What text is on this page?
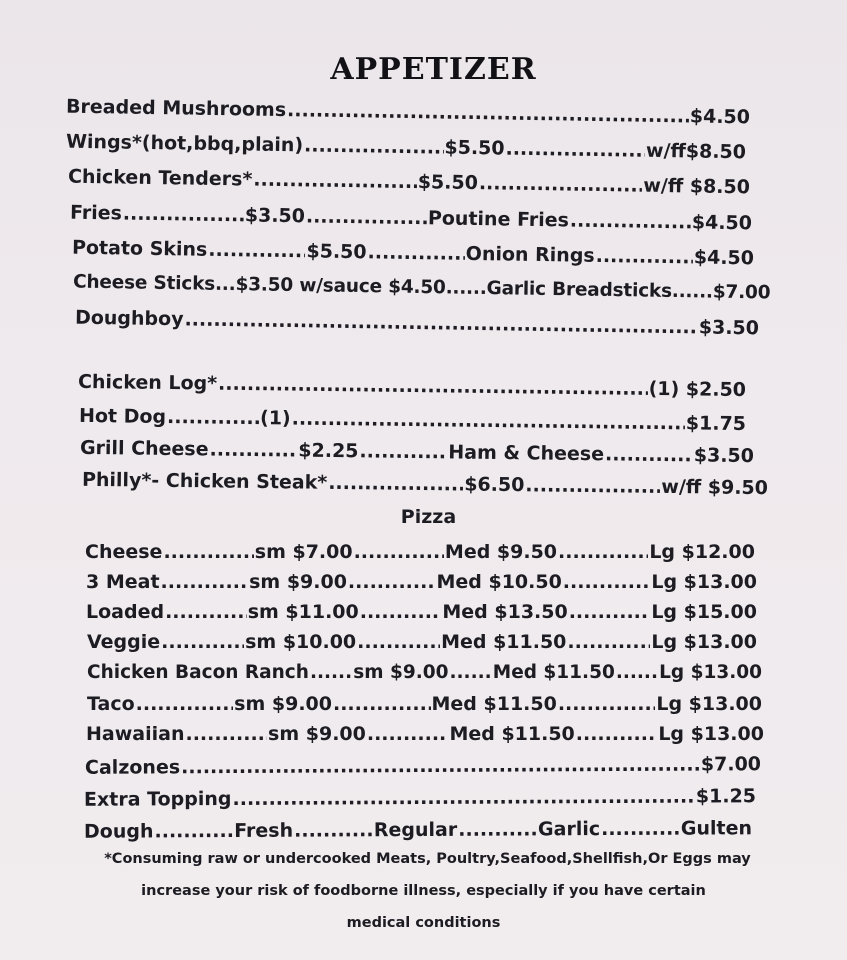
APPETIZER
Breaded Mushrooms .....	$4.50
Wings*(hot,bbq,plain) .....	$5.50 .....	w/ff$8.50
Chicken Tenders* .....	$5.50 .....	w/ff $8.50
Fries .....	$3.50 .....	Poutine Fries .....	$4.50
Potato Skins .....	$5.50 .....	Onion Rings .....	$4.50
Cheese Sticks...$3.50 w/sauce $4.50......Garlic Breadsticks......$7.00
Doughboy .....	$3.50
Chicken Log* .....	(1) $2.50
Hot Dog .....	(1) .....	$1.75
Grill Cheese .....	$2.25 .....	Ham & Cheese .....	$3.50
Philly*- Chicken Steak* .....	$6.50 .....	w/ff $9.50
Pizza
Cheese .....	sm $7.00 .....	Med $9.50 .....	Lg $12.00
3 Meat .....	sm $9.00 .....	Med $10.50 .....	Lg $13.00
Loaded .....	sm $11.00 .....	Med $13.50 .....	Lg $15.00
Veggie .....	sm $10.00 .....	Med $11.50 .....	Lg $13.00
Chicken Bacon Ranch ..... sm $9.00 ..... Med $11.50 ..... Lg $13.00
Taco .....	sm $9.00 .....	Med $11.50 .....	Lg $13.00
Hawaiian .....	sm $9.00 .....	Med $11.50 .....	Lg $13.00
Calzones .....	$7.00
Extra Topping .....	$1.25
Dough .....	Fresh .....	Regular .....	Garlic .....	Gulten
*Consuming raw or undercooked Meats, Poultry,Seafood,Shellfish,Or Eggs may
increase your risk of foodborne illness, especially if you have certain
medical conditions
